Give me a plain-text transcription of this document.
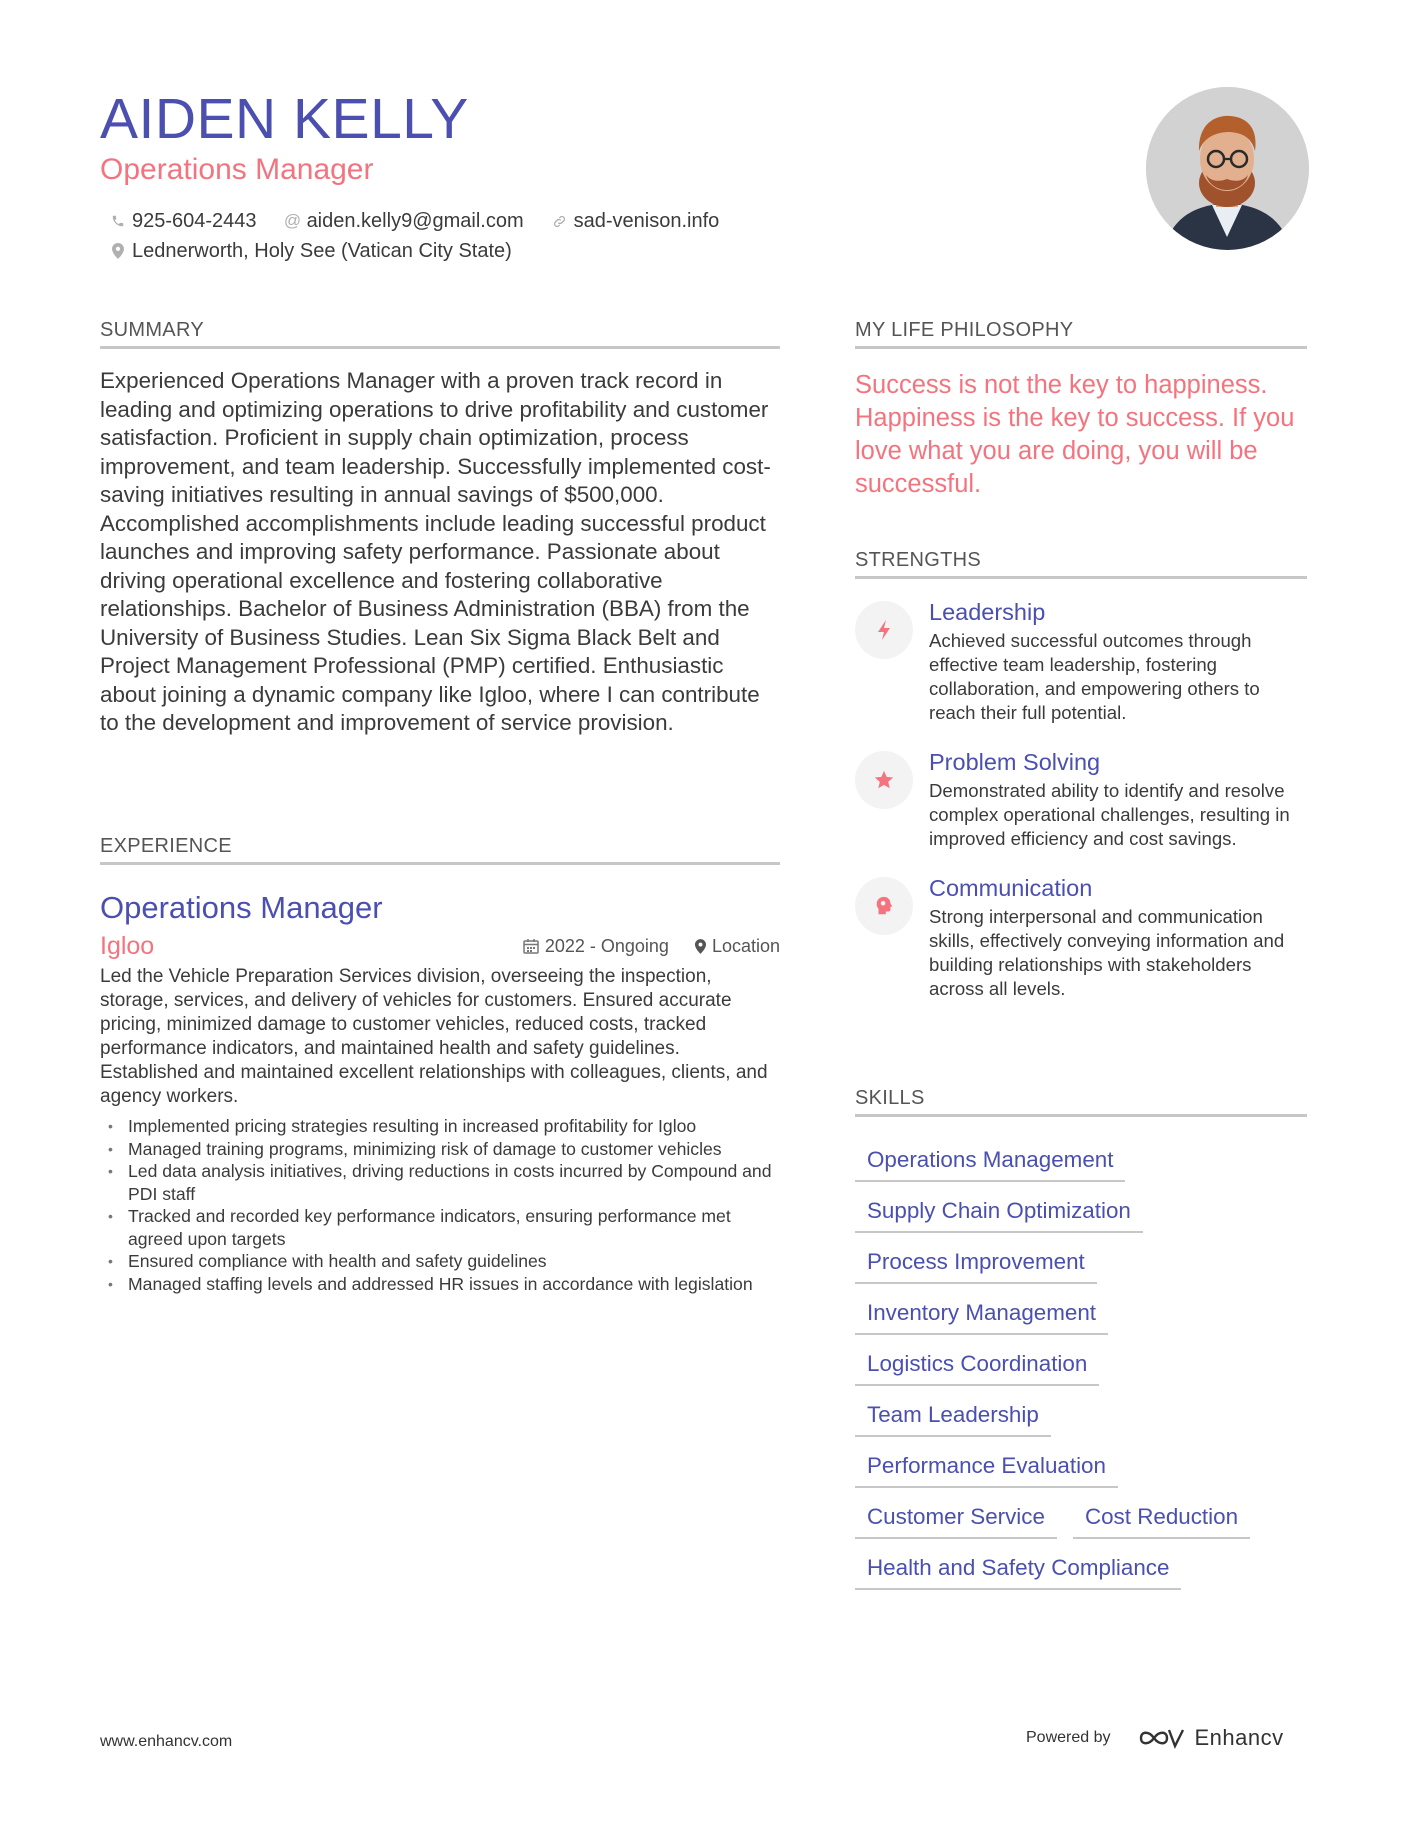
AIDEN KELLY
Operations Manager
925-604-2443 @ aiden.kelly9@gmail.com	sad-venison.info
Lednerworth, Holy See (Vatican City State)
SUMMARY

Experienced Operations Manager with a proven track record in leading and optimizing operations to drive profitability and customer satisfaction. Proficient in supply chain optimization, process improvement, and team leadership. Successfully implemented cost-saving initiatives resulting in annual savings of $500,000. Accomplished accomplishments include leading successful product launches and improving safety performance. Passionate about driving operational excellence and fostering collaborative relationships. Bachelor of Business Administration (BBA) from the University of Business Studies. Lean Six Sigma Black Belt and Project Management Professional (PMP) certified. Enthusiastic about joining a dynamic company like Igloo, where I can contribute to the development and improvement of service provision.

EXPERIENCE
Operations Manager
Igloo	2022 - Ongoing Location

Led the Vehicle Preparation Services division, overseeing the inspection, storage, services, and delivery of vehicles for customers. Ensured accurate pricing, minimized damage to customer vehicles, reduced costs, tracked performance indicators, and maintained health and safety guidelines. Established and maintained excellent relationships with colleagues, clients, and agency workers.

• Implemented pricing strategies resulting in increased profitability for Igloo
• Managed training programs, minimizing risk of damage to customer vehicles
• Led data analysis initiatives, driving reductions in costs incurred by Compound and PDI staff
• Tracked and recorded key performance indicators, ensuring performance met agreed upon targets
• Ensured compliance with health and safety guidelines
• Managed staffing levels and addressed HR issues in accordance with legislation
MY LIFE PHILOSOPHY

Success is not the key to happiness. Happiness is the key to success. If you love what you are doing, you will be successful.

STRENGTHS
Leadership
Achieved successful outcomes through effective team leadership, fostering collaboration, and empowering others to reach their full potential.
Problem Solving
Demonstrated ability to identify and resolve complex operational challenges, resulting in improved efficiency and cost savings.
Communication
Strong interpersonal and communication skills, effectively conveying information and building relationships with stakeholders across all levels.
SKILLS
Operations Management
Supply Chain Optimization
Process Improvement
Inventory Management
Logistics Coordination
Team Leadership
Performance Evaluation
Customer Service	Cost Reduction
Health and Safety Compliance
www.enhancv.com	Powered by	Enhancv
